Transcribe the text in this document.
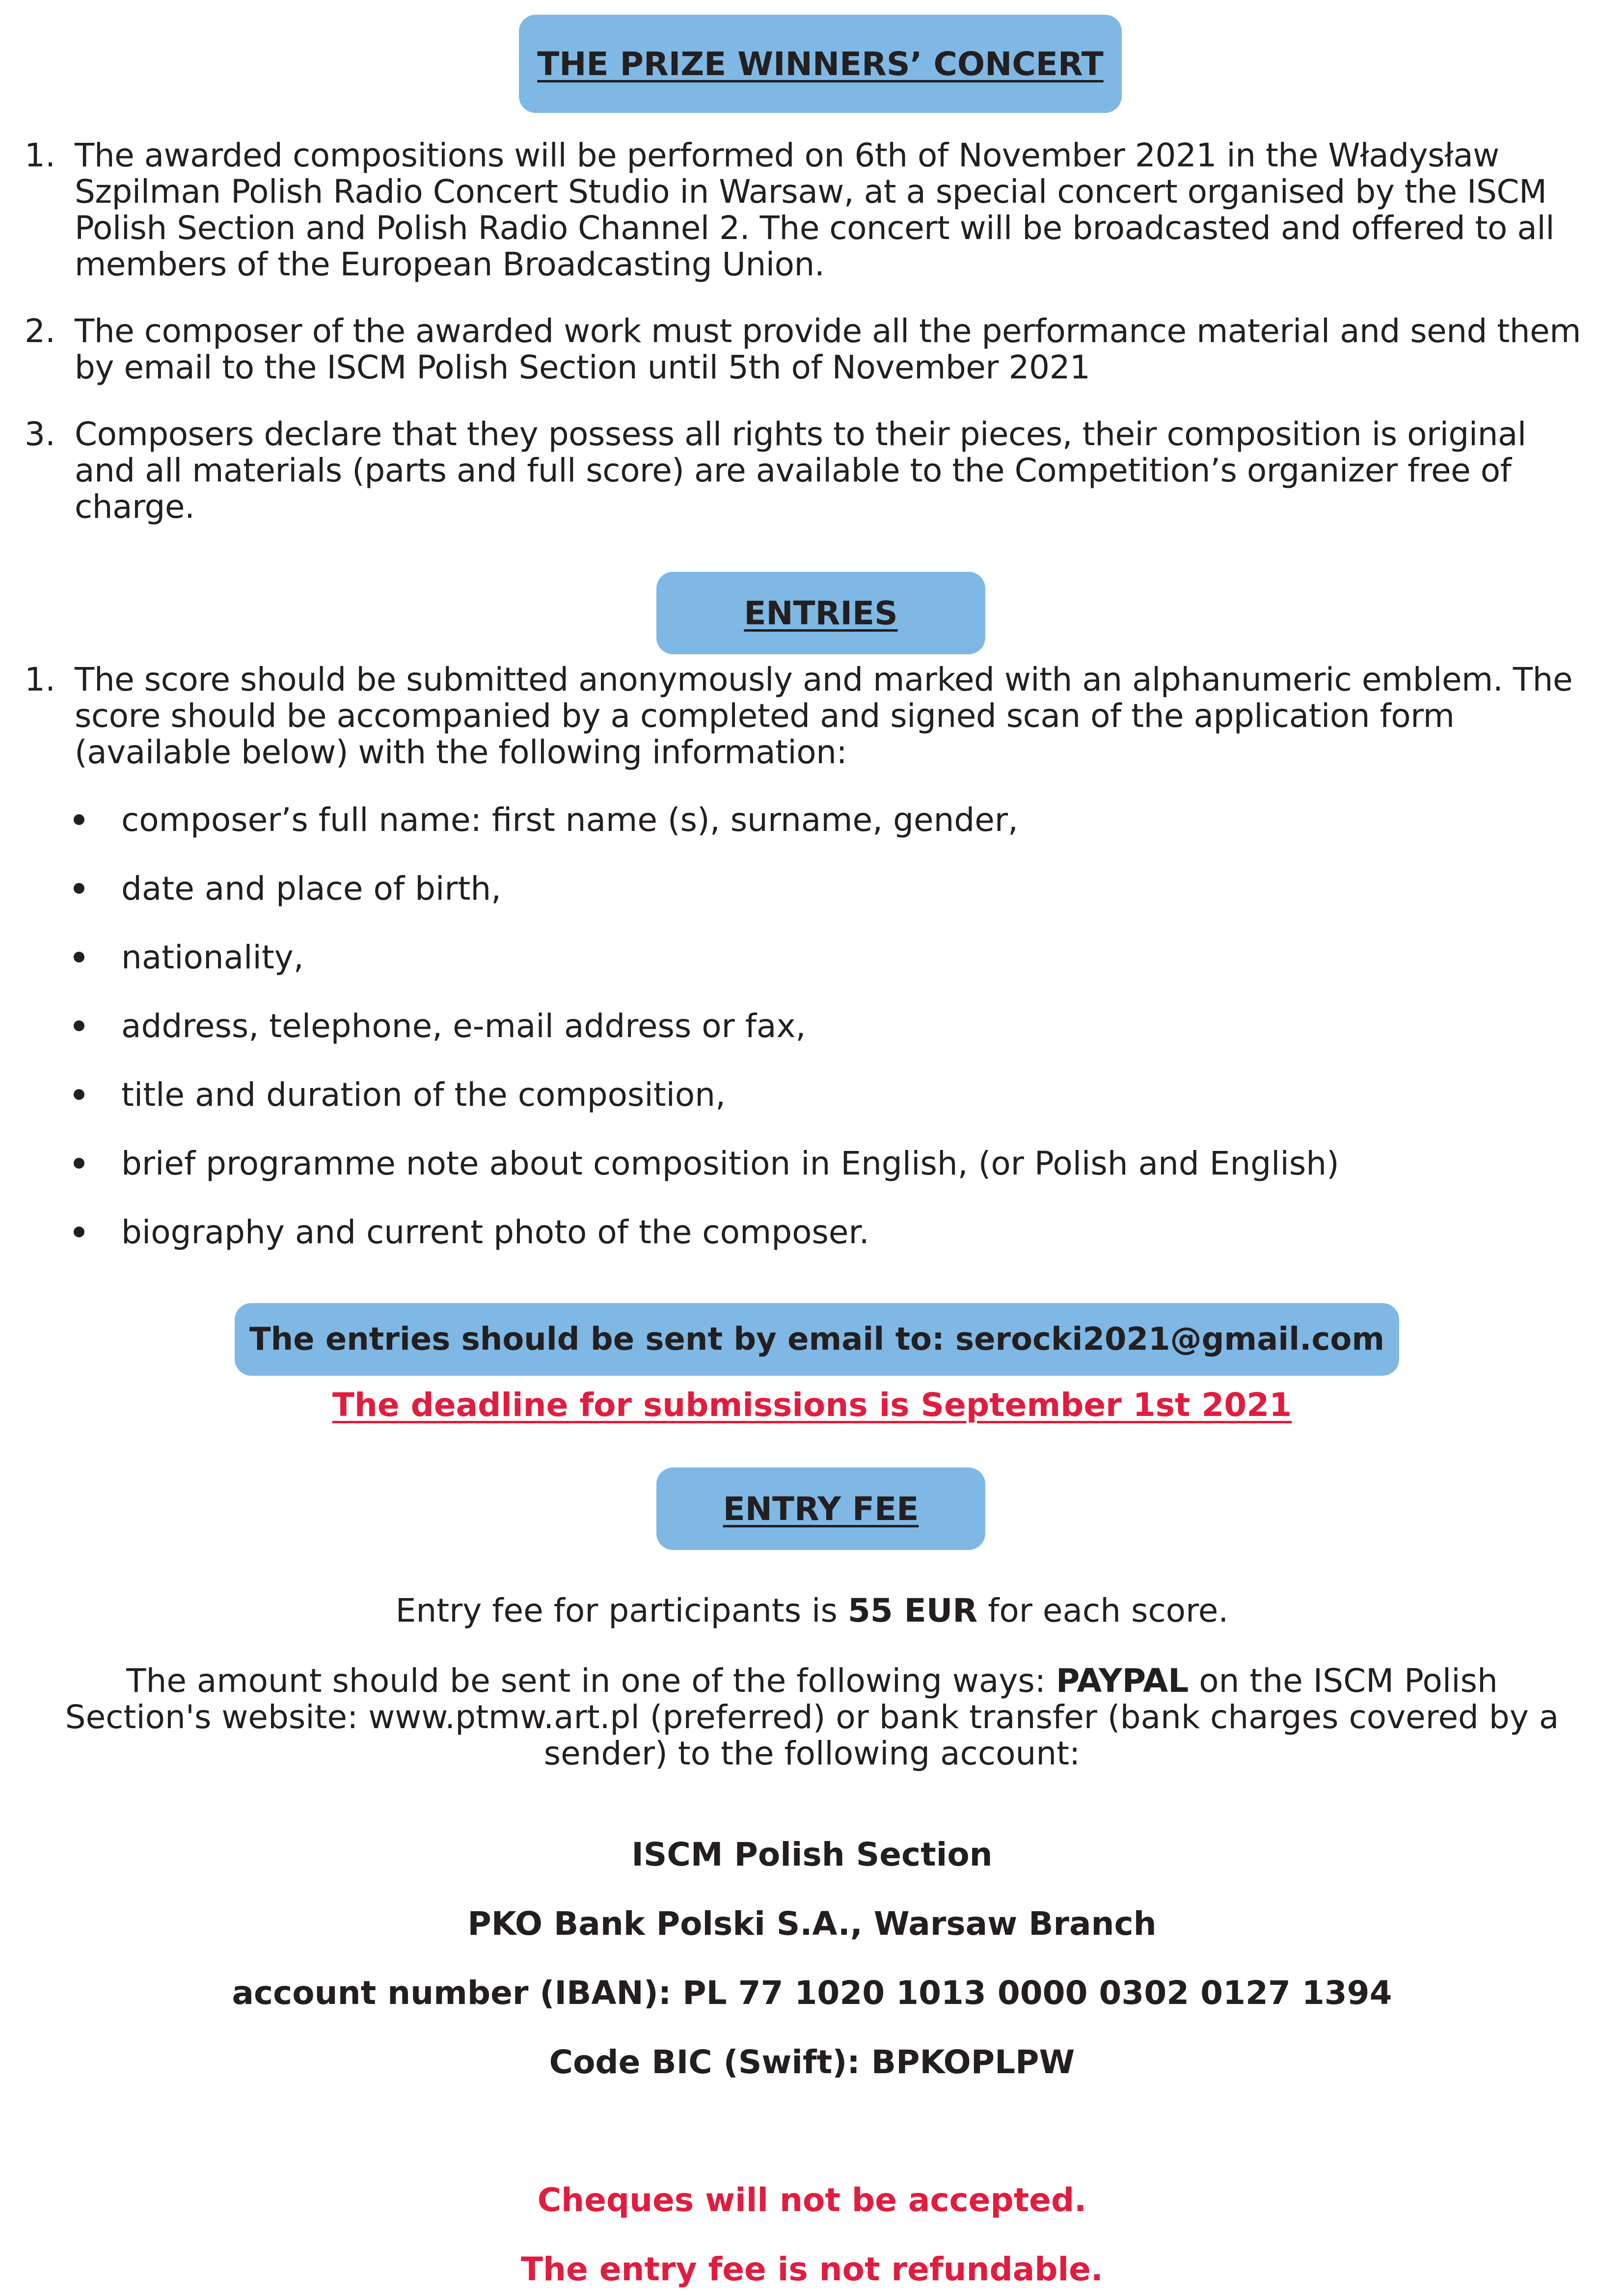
THE PRIZE WINNERS’ CONCERT
1. The awarded compositions will be performed on 6th of November 2021 in the Władysław Szpilman Polish Radio Concert Studio in Warsaw, at a special concert organised by the ISCM Polish Section and Polish Radio Channel 2. The concert will be broadcasted and offered to all members of the European Broadcasting Union.
2. The composer of the awarded work must provide all the performance material and send them by email to the ISCM Polish Section until 5th of November 2021
3. Composers declare that they possess all rights to their pieces, their composition is original and all materials (parts and full score) are available to the Competition’s organizer free of charge.
ENTRIES
1. The score should be submitted anonymously and marked with an alphanumeric emblem. The score should be accompanied by a completed and signed scan of the application form (available below) with the following information:
composer’s full name: first name (s), surname, gender,
date and place of birth,
nationality,
address, telephone, e-mail address or fax,
title and duration of the composition,
brief programme note about composition in English, (or Polish and English)
biography and current photo of the composer.
The entries should be sent by email to: serocki2021@gmail.com
The deadline for submissions is September 1st 2021
ENTRY FEE
Entry fee for participants is 55 EUR for each score.
The amount should be sent in one of the following ways: PAYPAL on the ISCM Polish Section's website: www.ptmw.art.pl (preferred) or bank transfer (bank charges covered by a sender) to the following account:
ISCM Polish Section
PKO Bank Polski S.A., Warsaw Branch
account number (IBAN): PL 77 1020 1013 0000 0302 0127 1394
Code BIC (Swift): BPKOPLPW
Cheques will not be accepted.
The entry fee is not refundable.
